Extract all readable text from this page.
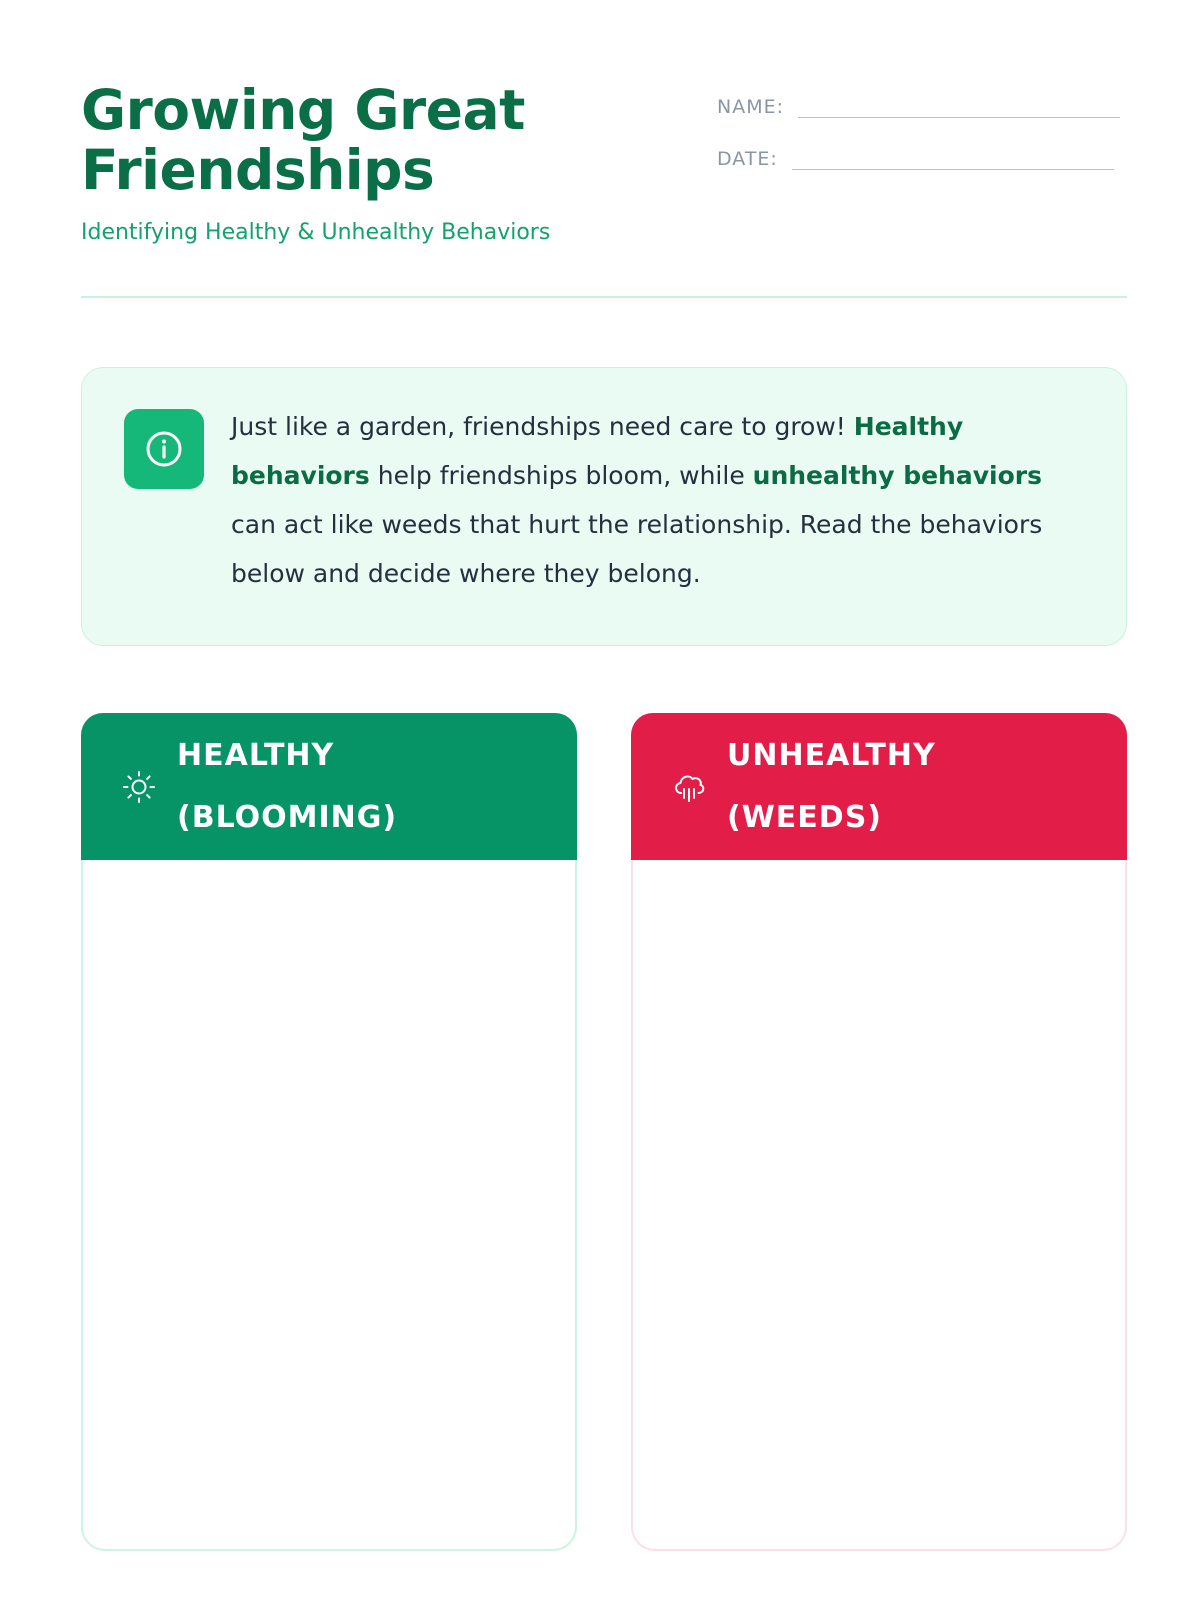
Growing Great Friendships
Identifying Healthy & Unhealthy Behaviors
NAME:
DATE:

Just like a garden, friendships need care to grow! Healthy behaviors help friendships bloom, while unhealthy behaviors can act like weeds that hurt the relationship. Read the behaviors below and decide where they belong.

HEALTHY (BLOOMING)
UNHEALTHY (WEEDS)
